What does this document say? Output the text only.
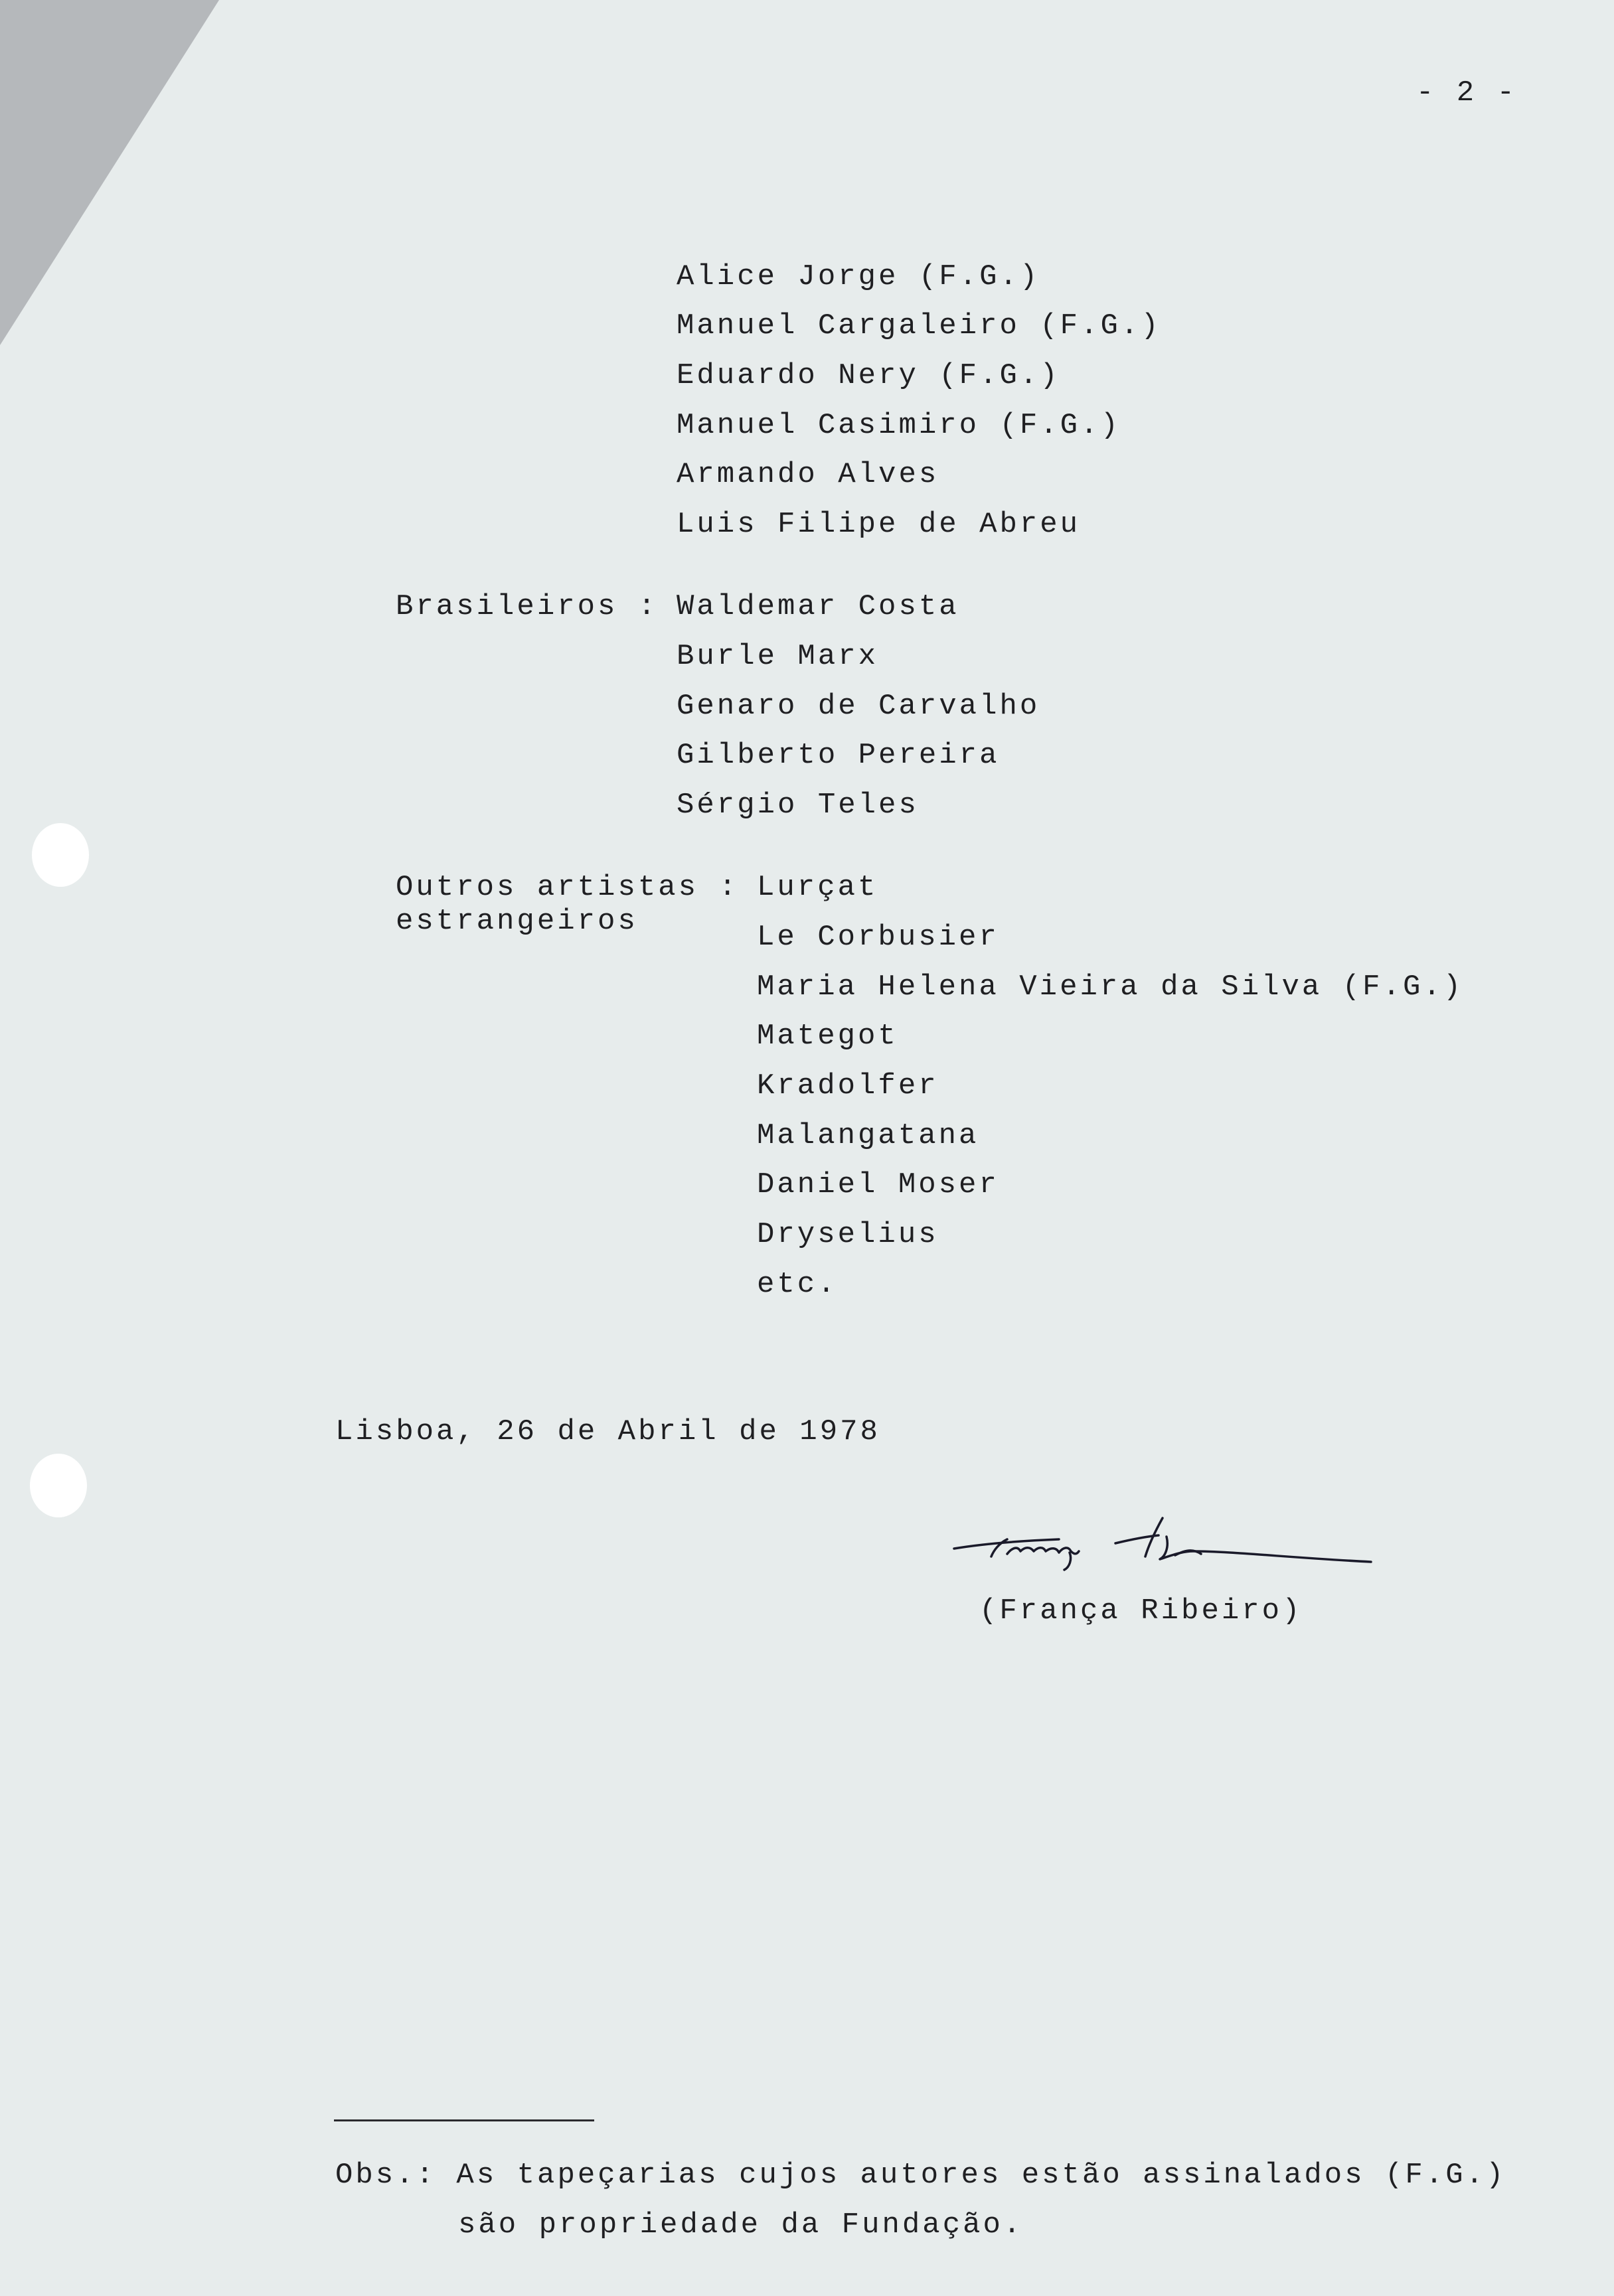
- 2 -
Alice Jorge (F.G.)
Manuel Cargaleiro (F.G.)
Eduardo Nery (F.G.)
Manuel Casimiro (F.G.)
Armando Alves
Luis Filipe de Abreu
Brasileiros : Waldemar Costa
Burle Marx
Genaro de Carvalho
Gilberto Pereira
Sérgio Teles
Outros artistas :
estrangeiros
Lurçat
Le Corbusier
Maria Helena Vieira da Silva (F.G.)
Mategot
Kradolfer
Malangatana
Daniel Moser
Dryselius
etc.
Lisboa, 26 de Abril de 1978
(França Ribeiro)
Obs.: As tapeçarias cujos autores estão assinalados (F.G.)
são propriedade da Fundação.
